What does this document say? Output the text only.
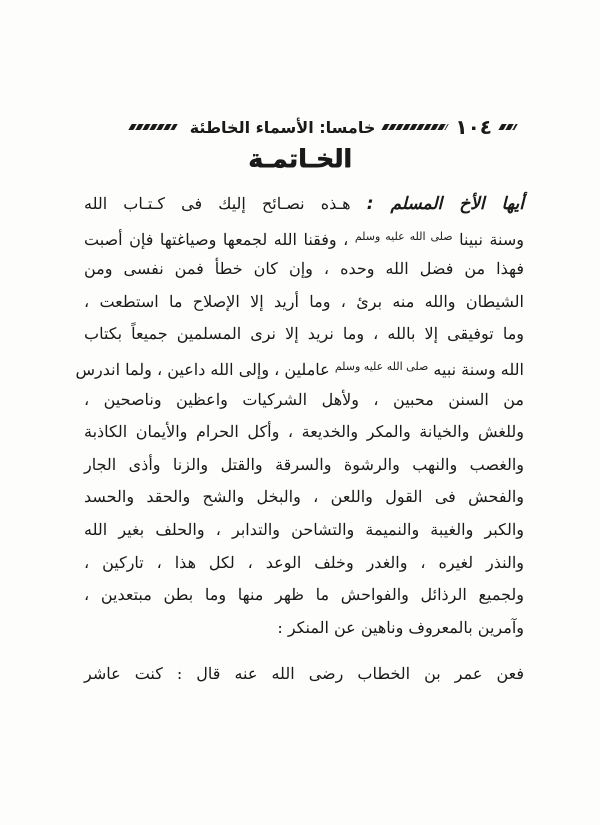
١٠٤
خامسا: الأسماء الخاطئة
الخـاتمـة
أيها الأخ المسلم : هـذه نصـائح إليك فى كـتـاب الله
وسنة نبينا $^{صلى الله عليه وسلم}$ ، وفقنا الله لجمعها وصياغتها فإن أصبت
فهذا من فضل الله وحده ، وإن كان خطأ فمن نفسى ومن
الشيطان والله منه برئ ، وما أريد إلا الإصلاح ما استطعت ،
وما توفيقى إلا بالله ، وما نريد إلا نرى المسلمين جميعاً بكتاب
الله وسنة نبيه $^{صلى الله عليه وسلم}$ عاملين ، وإلى الله داعين ، ولما اندرس
من السنن محبين ، ولأهل الشركيات واعظين وناصحين ،
وللغش والخيانة والمكر والخديعة ، وأكل الحرام والأيمان الكاذبة
والغصب والنهب والرشوة والسرقة والقتل والزنا وأذى الجار
والفحش فى القول واللعن ، والبخل والشح والحقد والحسد
والكبر والغيبة والنميمة والتشاحن والتدابر ، والحلف بغير الله
والنذر لغيره ، والغدر وخلف الوعد ، لكل هذا ، تاركين ،
ولجميع الرذائل والفواحش ما ظهر منها وما بطن مبتعدين ،
وآمرين بالمعروف وناهين عن المنكر :
فعن عمر بن الخطاب رضى الله عنه قال : كنت عاشر
